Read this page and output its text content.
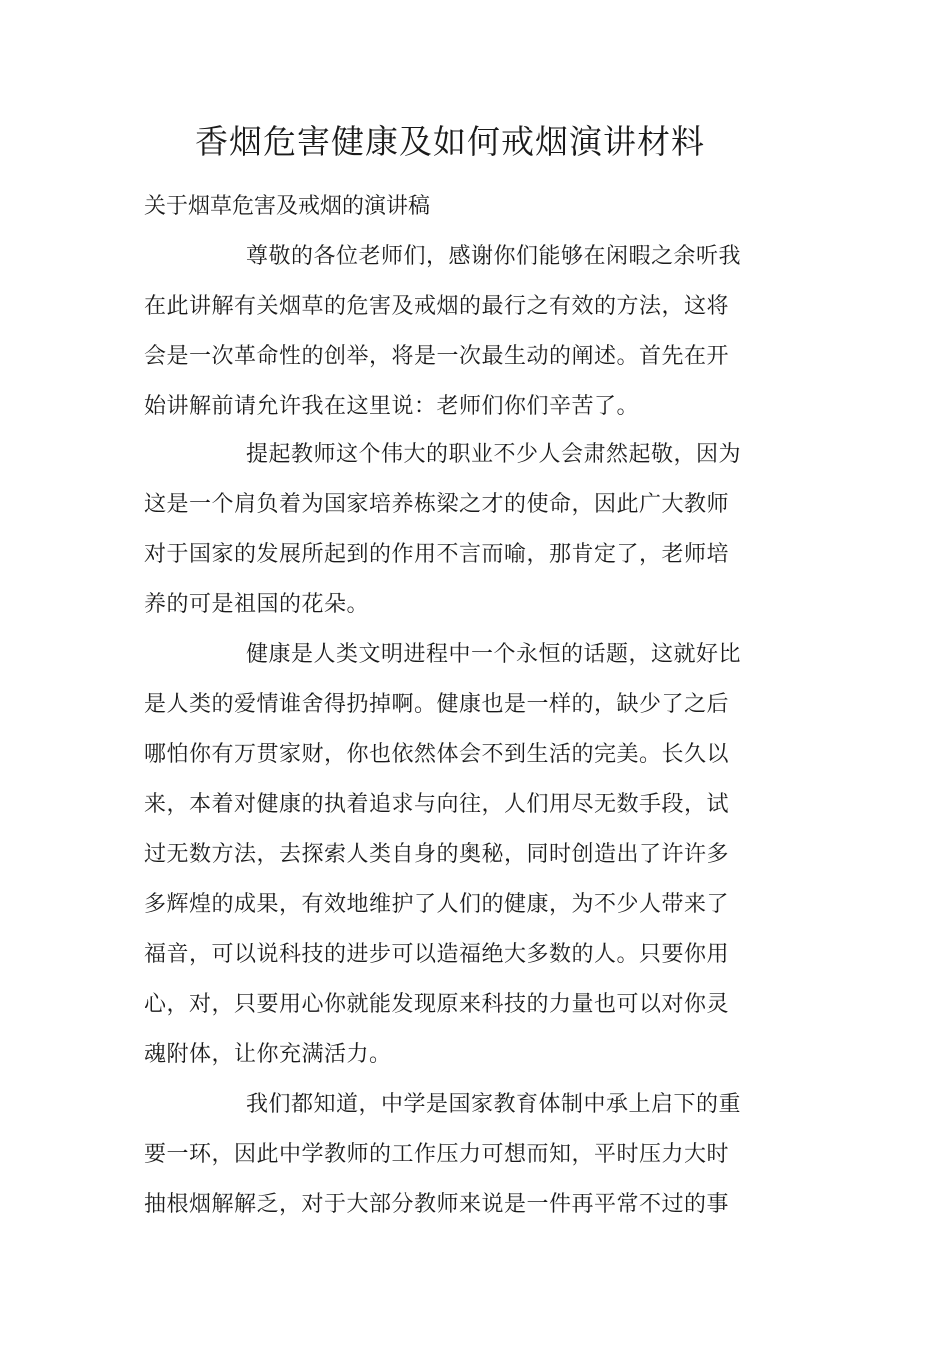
香烟危害健康及如何戒烟演讲材料

关于烟草危害及戒烟的演讲稿

尊敬的各位老师们，感谢你们能够在闲暇之余听我
在此讲解有关烟草的危害及戒烟的最行之有效的方法，这将
会是一次革命性的创举，将是一次最生动的阐述。首先在开
始讲解前请允许我在这里说：老师们你们辛苦了。
提起教师这个伟大的职业不少人会肃然起敬，因为
这是一个肩负着为国家培养栋梁之才的使命，因此广大教师
对于国家的发展所起到的作用不言而喻，那肯定了，老师培
养的可是祖国的花朵。
健康是人类文明进程中一个永恒的话题，这就好比
是人类的爱情谁舍得扔掉啊。健康也是一样的，缺少了之后
哪怕你有万贯家财，你也依然体会不到生活的完美。长久以
来，本着对健康的执着追求与向往，人们用尽无数手段，试
过无数方法，去探索人类自身的奥秘，同时创造出了许许多
多辉煌的成果，有效地维护了人们的健康，为不少人带来了
福音，可以说科技的进步可以造福绝大多数的人。只要你用
心，对，只要用心你就能发现原来科技的力量也可以对你灵
魂附体，让你充满活力。
我们都知道，中学是国家教育体制中承上启下的重
要一环，因此中学教师的工作压力可想而知，平时压力大时
抽根烟解解乏，对于大部分教师来说是一件再平常不过的事
